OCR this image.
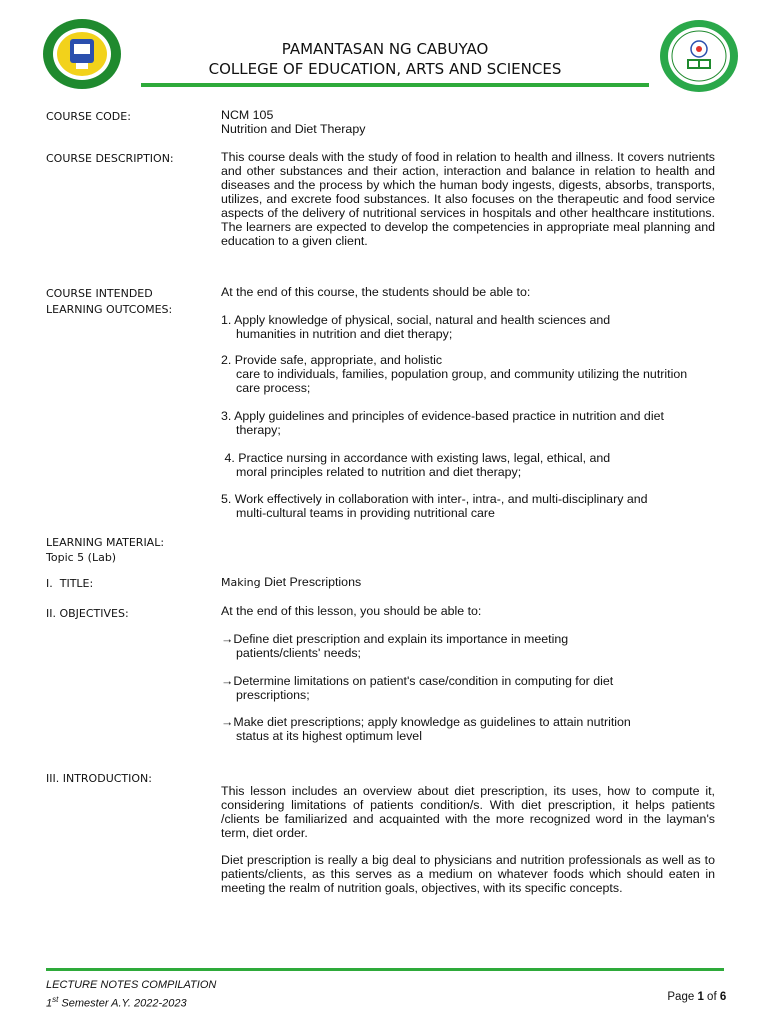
PAMANTASAN NG CABUYAO
COLLEGE OF EDUCATION, ARTS AND SCIENCES
COURSE CODE:	NCM 105
Nutrition and Diet Therapy
COURSE DESCRIPTION:	This course deals with the study of food in relation to health and illness. It covers nutrients and other substances and their action, interaction and balance in relation to health and diseases and the process by which the human body ingests, digests, absorbs, transports, utilizes, and excrete food substances. It also focuses on the therapeutic and food service aspects of the delivery of nutritional services in hospitals and other healthcare institutions. The learners are expected to develop the competencies in appropriate meal planning and education to a given client.
COURSE INTENDED
LEARNING OUTCOMES:
At the end of this course, the students should be able to:
1. Apply knowledge of physical, social, natural and health sciences and
humanities in nutrition and diet therapy;
2. Provide safe, appropriate, and holistic
care to individuals, families, population group, and community utilizing the nutrition care process;
3. Apply guidelines and principles of evidence-based practice in nutrition and diet
therapy;
4. Practice nursing in accordance with existing laws, legal, ethical, and
moral principles related to nutrition and diet therapy;
5. Work effectively in collaboration with inter-, intra-, and multi-disciplinary and
multi-cultural teams in providing nutritional care
LEARNING MATERIAL:
Topic 5 (Lab)
I.  TITLE:	Making Diet Prescriptions
II. OBJECTIVES:	At the end of this lesson, you should be able to:
→Define diet prescription and explain its importance in meeting
patients/clients' needs;
→Determine limitations on patient's case/condition in computing for diet
prescriptions;
→Make diet prescriptions; apply knowledge as guidelines to attain nutrition
status at its highest optimum level
III. INTRODUCTION:
This lesson includes an overview about diet prescription, its uses, how to compute it, considering limitations of patients condition/s. With diet prescription, it helps patients /clients be familiarized and acquainted with the more recognized word in the layman's term, diet order.
Diet prescription is really a big deal to physicians and nutrition professionals as well as to patients/clients, as this serves as a medium on whatever foods which should eaten in meeting the realm of nutrition goals, objectives, with its specific concepts.
LECTURE NOTES COMPILATION
1st Semester A.Y. 2022-2023

Page 1 of 6
